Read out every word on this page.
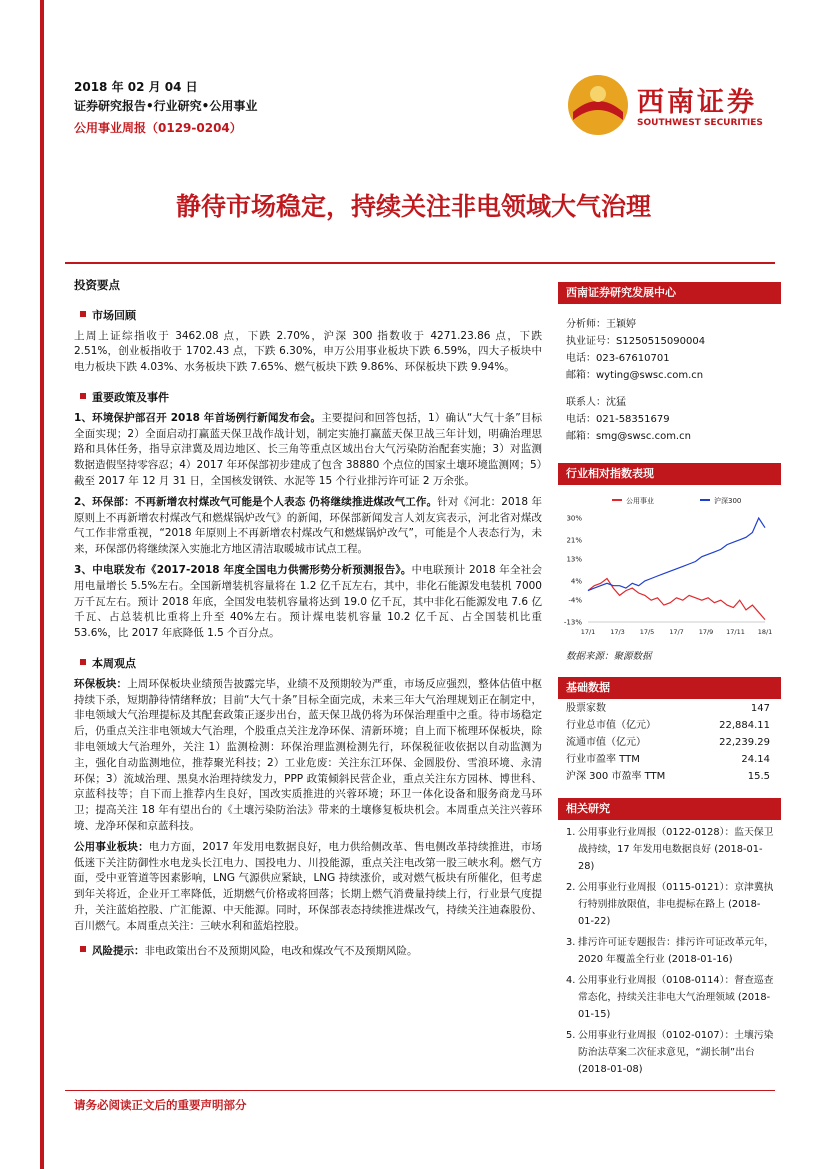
2018 年 02 月 04 日
证券研究报告•行业研究•公用事业
公用事业周报（0129-0204）
西南证券
SOUTHWEST SECURITIES
静待市场稳定，持续关注非电领域大气治理
投资要点
市场回顾
上周上证综指收于 3462.08 点，下跌 2.70%，沪深 300 指数收于 4271.23.86 点，下跌 2.51%，创业板指收于 1702.43 点，下跌 6.30%，申万公用事业板块下跌 6.59%，四大子板块中电力板块下跌 4.03%、水务板块下跌 7.65%、燃气板块下跌 9.86%、环保板块下跌 9.94%。
重要政策及事件
1、环境保护部召开 2018 年首场例行新闻发布会。主要提问和回答包括，1）确认“大气十条”目标全面实现；2）全面启动打赢蓝天保卫战作战计划，制定实施打赢蓝天保卫战三年计划，明确治理思路和具体任务，指导京津冀及周边地区、长三角等重点区域出台大气污染防治配套实施；3）对监测数据造假坚持零容忍；4）2017 年环保部初步建成了包含 38880 个点位的国家土壤环境监测网；5）截至 2017 年 12 月 31 日，全国核发钢铁、水泥等 15 个行业排污许可证 2 万余张。
2、环保部：不再新增农村煤改气可能是个人表态 仍将继续推进煤改气工作。针对《河北：2018 年原则上不再新增农村煤改气和燃煤锅炉改气》的新闻，环保部新闻发言人刘友宾表示，河北省对煤改气工作非常重视，“2018 年原则上不再新增农村煤改气和燃煤锅炉改气”，可能是个人表态行为，未来，环保部仍将继续深入实施北方地区清洁取暖城市试点工程。
3、中电联发布《2017-2018 年度全国电力供需形势分析预测报告》。中电联预计 2018 年全社会用电量增长 5.5%左右。全国新增装机容量将在 1.2 亿千瓦左右，其中，非化石能源发电装机 7000 万千瓦左右。预计 2018 年底，全国发电装机容量将达到 19.0 亿千瓦，其中非化石能源发电 7.6 亿千瓦、占总装机比重将上升至 40%左右。预计煤电装机容量 10.2 亿千瓦、占全国装机比重 53.6%，比 2017 年底降低 1.5 个百分点。
本周观点
环保板块：上周环保板块业绩预告披露完毕，业绩不及预期较为严重，市场反应强烈，整体估值中枢持续下杀，短期静待情绪释放；目前“大气十条”目标全面完成，未来三年大气治理规划正在制定中，非电领域大气治理提标及其配套政策正逐步出台，蓝天保卫战仍将为环保治理重中之重。待市场稳定后，仍重点关注非电领域大气治理，个股重点关注龙净环保、清新环境；自上而下梳理环保板块，除非电领域大气治理外，关注 1）监测检测：环保治理监测检测先行，环保税征收依据以自动监测为主，强化自动监测地位，推荐聚光科技；2）工业危废：关注东江环保、金圆股份、雪浪环境、永清环保；3）流域治理、黑臭水治理持续发力，PPP 政策倾斜民营企业，重点关注东方园林、博世科、京蓝科技等；自下而上推荐内生良好，国改实质推进的兴蓉环境；环卫一体化设备和服务商龙马环卫；提高关注 18 年有望出台的《土壤污染防治法》带来的土壤修复板块机会。本周重点关注兴蓉环境、龙净环保和京蓝科技。
公用事业板块：电力方面，2017 年发用电数据良好，电力供给侧改革、售电侧改革持续推进，市场低迷下关注防御性水电龙头长江电力、国投电力、川投能源，重点关注电改第一股三峡水利。燃气方面，受中亚管道等因素影响，LNG 气源供应紧缺，LNG 持续涨价，或对燃气板块有所催化，但考虑到年关将近，企业开工率降低，近期燃气价格或将回落；长期上燃气消费量持续上行，行业景气度提升，关注蓝焰控股、广汇能源、中天能源。同时，环保部表态持续推进煤改气，持续关注迪森股份、百川燃气。本周重点关注：三峡水利和蓝焰控股。
风险提示：非电政策出台不及预期风险，电改和煤改气不及预期风险。
西南证券研究发展中心
分析师：王颖婷
执业证号：S1250515090004
电话：023-67610701
邮箱：wyting@swsc.com.cn
联系人：沈猛
电话：021-58351679
邮箱：smg@swsc.com.cn
行业相对指数表现
公用事业	沪深300
30%
21%
13%
4%
-4%
-13%
17/1 17/3 17/5 17/7 17/9 17/11 18/1
数据来源：聚源数据
基础数据
股票家数	147
行业总市值（亿元）	22,884.11
流通市值（亿元）	22,239.29
行业市盈率 TTM	24.14
沪深 300 市盈率 TTM	15.5
相关研究
1. 公用事业行业周报（0122-0128）：监天保卫战持续，17 年发用电数据良好 (2018-01-28)
2. 公用事业行业周报（0115-0121）：京津冀执行特别排放限值，非电提标在路上 (2018-01-22)
3. 排污许可证专题报告：排污许可证改革元年，2020 年覆盖全行业 (2018-01-16)
4. 公用事业行业周报（0108-0114）：督查巡查常态化，持续关注非电大气治理领域 (2018-01-15)
5. 公用事业行业周报（0102-0107）：土壤污染防治法草案二次征求意见，“湖长制”出台 (2018-01-08)
请务必阅读正文后的重要声明部分
